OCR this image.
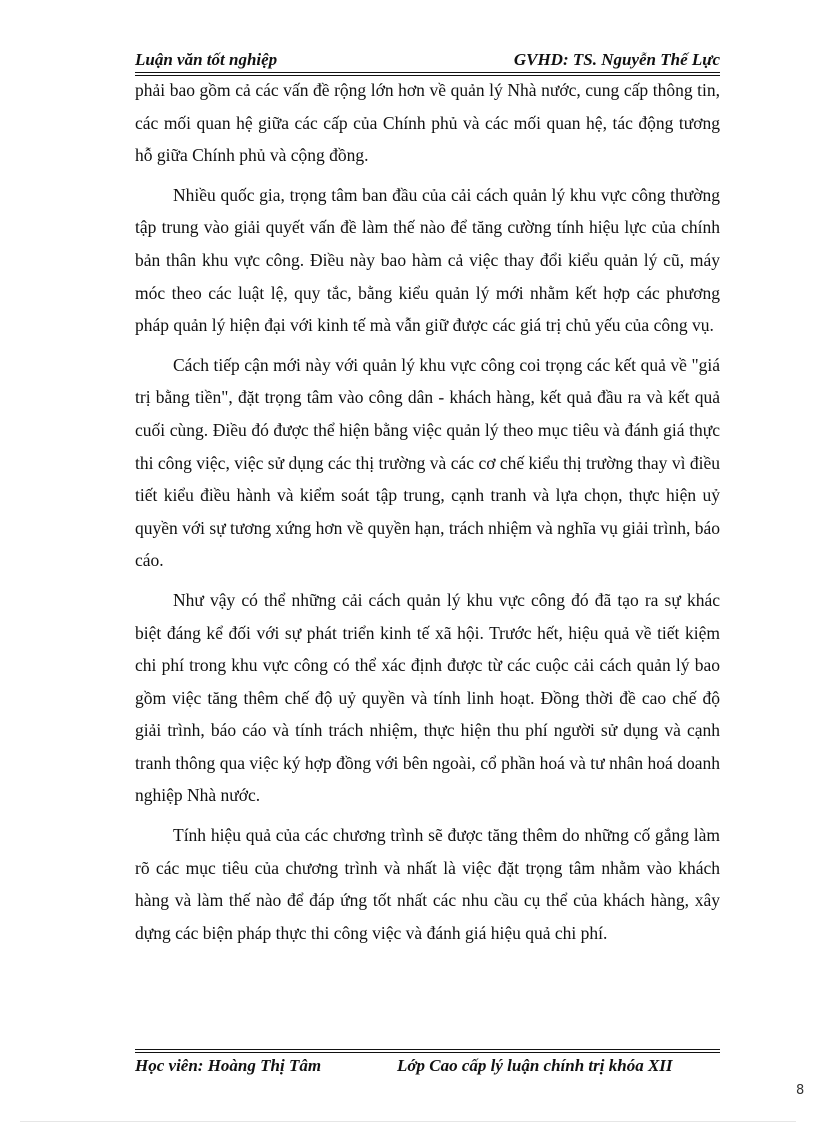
Luận văn tốt nghiệp	GVHD: TS. Nguyễn Thế Lực

phải bao gồm cả các vấn đề rộng lớn hơn về quản lý Nhà nước, cung cấp thông tin, các mối quan hệ giữa các cấp của Chính phủ và các mối quan hệ, tác động tương hỗ giữa Chính phủ và cộng đồng.

Nhiều quốc gia, trọng tâm ban đầu của cải cách quản lý khu vực công thường tập trung vào giải quyết vấn đề làm thế nào để tăng cường tính hiệu lực của chính bản thân khu vực công. Điều này bao hàm cả việc thay đổi kiểu quản lý cũ, máy móc theo các luật lệ, quy tắc, bằng kiểu quản lý mới nhằm kết hợp các phương pháp quản lý hiện đại với kinh tế mà vẫn giữ được các giá trị chủ yếu của công vụ.

Cách tiếp cận mới này với quản lý khu vực công coi trọng các kết quả về "giá trị bằng tiền", đặt trọng tâm vào công dân - khách hàng, kết quả đầu ra và kết quả cuối cùng. Điều đó được thể hiện bằng việc quản lý theo mục tiêu và đánh giá thực thi công việc, việc sử dụng các thị trường và các cơ chế kiểu thị trường thay vì điều tiết kiểu điều hành và kiểm soát tập trung, cạnh tranh và lựa chọn, thực hiện uỷ quyền với sự tương xứng hơn về quyền hạn, trách nhiệm và nghĩa vụ giải trình, báo cáo.

Như vậy có thể những cải cách quản lý khu vực công đó đã tạo ra sự khác biệt đáng kể đối với sự phát triển kinh tế xã hội. Trước hết, hiệu quả về tiết kiệm chi phí trong khu vực công có thể xác định được từ các cuộc cải cách quản lý bao gồm việc tăng thêm chế độ uỷ quyền và tính linh hoạt. Đồng thời đề cao chế độ giải trình, báo cáo và tính trách nhiệm, thực hiện thu phí người sử dụng và cạnh tranh thông qua việc ký hợp đồng với bên ngoài, cổ phần hoá và tư nhân hoá doanh nghiệp Nhà nước.

Tính hiệu quả của các chương trình sẽ được tăng thêm do những cố gắng làm rõ các mục tiêu của chương trình và nhất là việc đặt trọng tâm nhằm vào khách hàng và làm thế nào để đáp ứng tốt nhất các nhu cầu cụ thể của khách hàng, xây dựng các biện pháp thực thi công việc và đánh giá hiệu quả chi phí.

Học viên: Hoàng Thị Tâm	Lớp Cao cấp lý luận chính trị khóa XII
8
